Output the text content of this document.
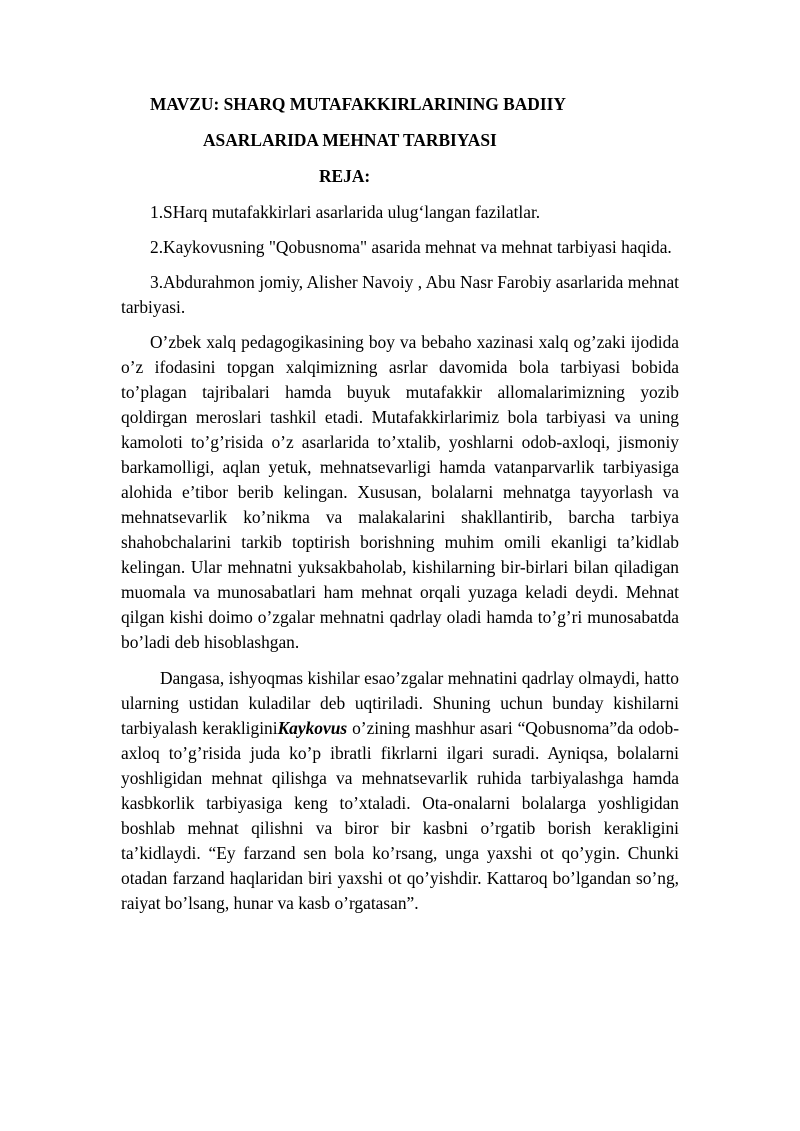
MAVZU: SHARQ MUTAFAKKIRLARINING BADIIY

ASARLARIDA MEHNAT TARBIYASI

REJA:

1.SHarq mutafakkirlari asarlarida ulug‘langan fazilatlar.

2.Kaykovusning "Qobusnoma" asarida mehnat va mehnat tarbiyasi haqida.

3.Abdurahmon jomiy, Alisher Navoiy , Abu Nasr Farobiy asarlarida mehnat tarbiyasi.

O’zbek xalq pedagogikasining boy va bebaho xazinasi xalq og’zaki ijodida o’z ifodasini topgan xalqimizning asrlar davomida bola tarbiyasi bobida to’plagan tajribalari hamda buyuk mutafakkir allomalarimizning yozib qoldirgan meroslari tashkil etadi. Mutafakkirlarimiz bola tarbiyasi va uning kamoloti to’g’risida o’z asarlarida to’xtalib, yoshlarni odob-axloqi, jismoniy barkamolligi, aqlan yetuk, mehnatsevarligi hamda vatanparvarlik tarbiyasiga alohida e’tibor berib kelingan. Xususan, bolalarni mehnatga tayyorlash va mehnatsevarlik ko’nikma va malakalarini shakllantirib, barcha tarbiya shahobchalarini tarkib toptirish borishning muhim omili ekanligi ta’kidlab kelingan. Ular mehnatni yuksakbaholab, kishilarning bir-birlari bilan qiladigan muomala va munosabatlari ham mehnat orqali yuzaga keladi deydi. Mehnat qilgan kishi doimo o’zgalar mehnatni qadrlay oladi hamda to’g’ri munosabatda bo’ladi deb hisoblashgan.

Dangasa, ishyoqmas kishilar esao’zgalar mehnatini qadrlay olmaydi, hatto ularning ustidan kuladilar deb uqtiriladi. Shuning uchun bunday kishilarni tarbiyalash kerakliginiKaykovus o’zining mashhur asari “Qobusnoma”da odob-axloq to’g’risida juda ko’p ibratli fikrlarni ilgari suradi. Ayniqsa, bolalarni yoshligidan mehnat qilishga va mehnatsevarlik ruhida tarbiyalashga hamda kasbkorlik tarbiyasiga keng to’xtaladi. Ota-onalarni bolalarga yoshligidan boshlab mehnat qilishni va biror bir kasbni o’rgatib borish kerakligini ta’kidlaydi. “Ey farzand sen bola ko’rsang, unga yaxshi ot qo’ygin. Chunki otadan farzand haqlaridan biri yaxshi ot qo’yishdir. Kattaroq bo’lgandan so’ng, raiyat bo’lsang, hunar va kasb o’rgatasan”.
